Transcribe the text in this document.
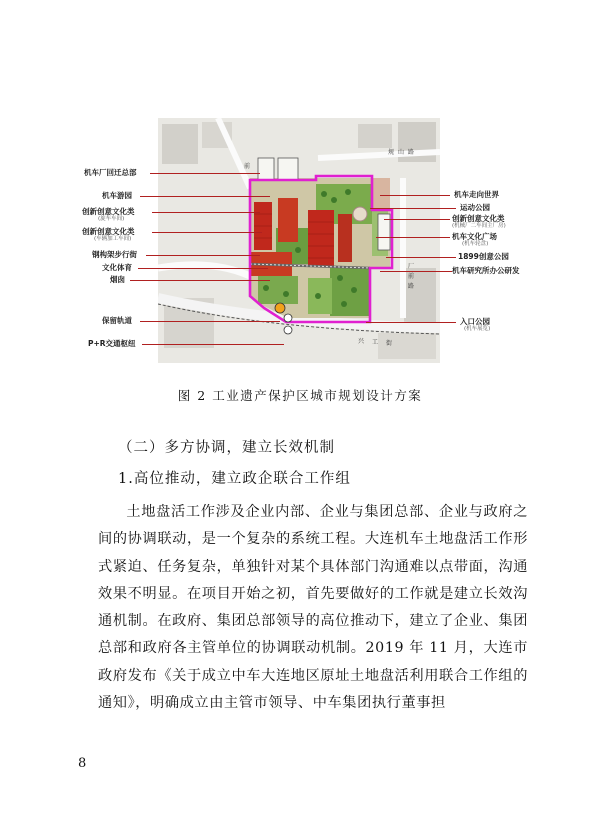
前
规 山 路
厂
前
路
兴 工 街
机车厂回迁总部
机车游园
创新创意文化类
(旋车车间)
创新创意文化类
(车辆加工车间)
钢构架步行街
文化体育
烟囱
保留轨道
P+R交通枢纽
机车走向世界
运动公园
创新创意文化类
(机械厂二车间主厂房)
机车文化广场
(机车轮盘)
1899创意公园
机车研究所办公研发
入口公园
(机车展览)
图 2 工业遗产保护区城市规划设计方案
（二）多方协调，建立长效机制
1.高位推动，建立政企联合工作组

土地盘活工作涉及企业内部、企业与集团总部、企业与政府之间的协调联动，是一个复杂的系统工程。大连机车土地盘活工作形式紧迫、任务复杂，单独针对某个具体部门沟通难以点带面，沟通效果不明显。在项目开始之初，首先要做好的工作就是建立长效沟通机制。在政府、集团总部领导的高位推动下，建立了企业、集团总部和政府各主管单位的协调联动机制。2019 年 11 月，大连市政府发布《关于成立中车大连地区原址土地盘活利用联合工作组的通知》，明确成立由主管市领导、中车集团执行董事担

8
